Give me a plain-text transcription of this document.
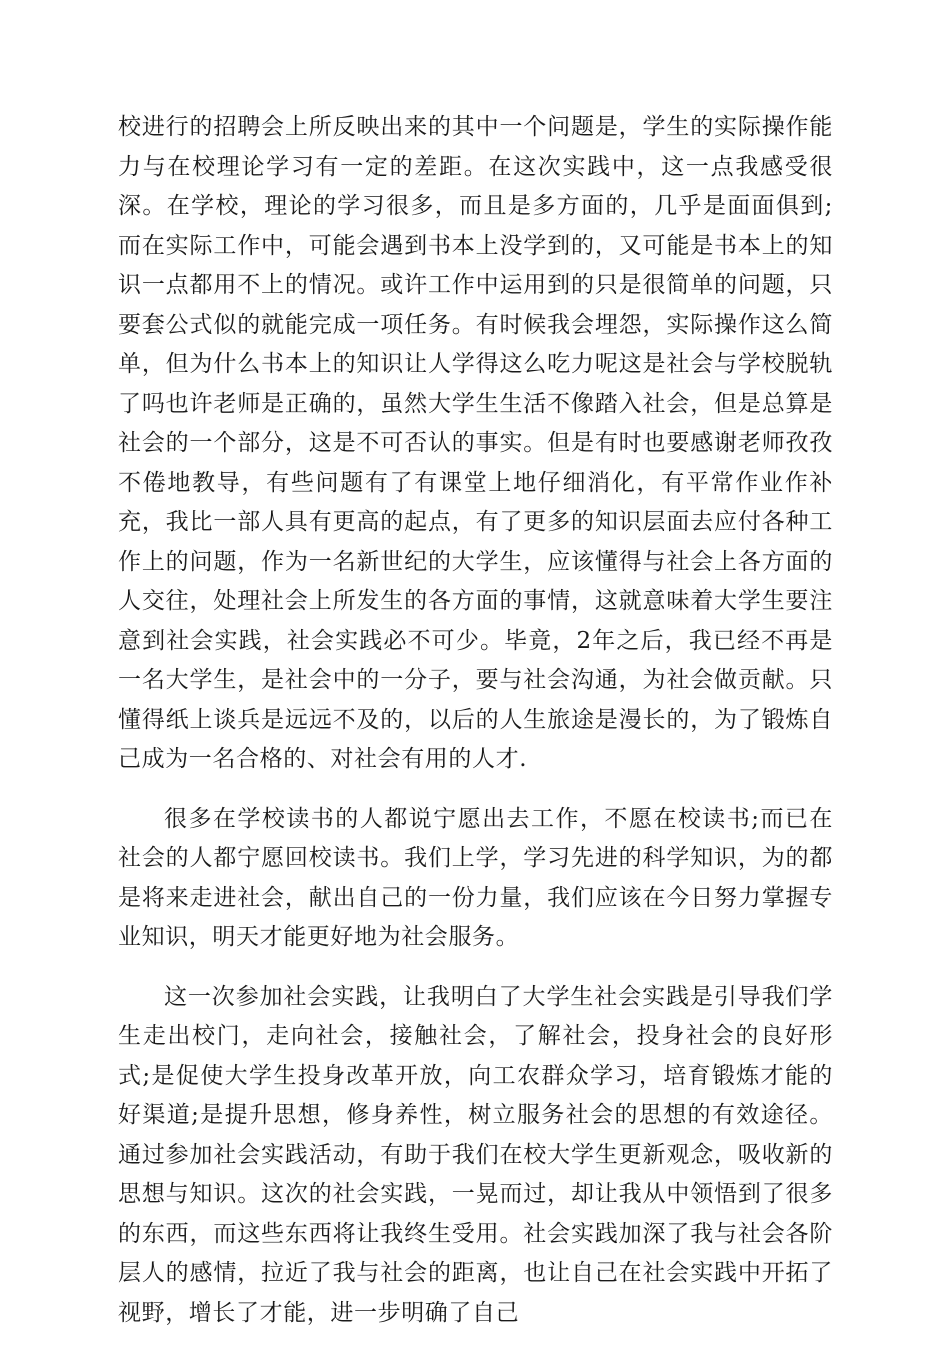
校进行的招聘会上所反映出来的其中一个问题是，学生的实际操作能力与在校理论学习有一定的差距。在这次实践中，这一点我感受很深。在学校，理论的学习很多，而且是多方面的，几乎是面面俱到;而在实际工作中，可能会遇到书本上没学到的，又可能是书本上的知识一点都用不上的情况。或许工作中运用到的只是很简单的问题，只要套公式似的就能完成一项任务。有时候我会埋怨，实际操作这么简单，但为什么书本上的知识让人学得这么吃力呢这是社会与学校脱轨了吗也许老师是正确的，虽然大学生生活不像踏入社会，但是总算是社会的一个部分，这是不可否认的事实。但是有时也要感谢老师孜孜不倦地教导，有些问题有了有课堂上地仔细消化，有平常作业作补充，我比一部人具有更高的起点，有了更多的知识层面去应付各种工作上的问题，作为一名新世纪的大学生，应该懂得与社会上各方面的人交往，处理社会上所发生的各方面的事情，这就意味着大学生要注意到社会实践，社会实践必不可少。毕竟，2年之后，我已经不再是一名大学生，是社会中的一分子，要与社会沟通，为社会做贡献。只懂得纸上谈兵是远远不及的，以后的人生旅途是漫长的，为了锻炼自己成为一名合格的、对社会有用的人才.

很多在学校读书的人都说宁愿出去工作，不愿在校读书;而已在社会的人都宁愿回校读书。我们上学，学习先进的科学知识，为的都是将来走进社会，献出自己的一份力量，我们应该在今日努力掌握专业知识，明天才能更好地为社会服务。

这一次参加社会实践，让我明白了大学生社会实践是引导我们学生走出校门，走向社会，接触社会，了解社会，投身社会的良好形式;是促使大学生投身改革开放，向工农群众学习，培育锻炼才能的好渠道;是提升思想，修身养性，树立服务社会的思想的有效途径。通过参加社会实践活动，有助于我们在校大学生更新观念，吸收新的思想与知识。这次的社会实践，一晃而过，却让我从中领悟到了很多的东西，而这些东西将让我终生受用。社会实践加深了我与社会各阶层人的感情，拉近了我与社会的距离，也让自己在社会实践中开拓了视野，增长了才能，进一步明确了自己
